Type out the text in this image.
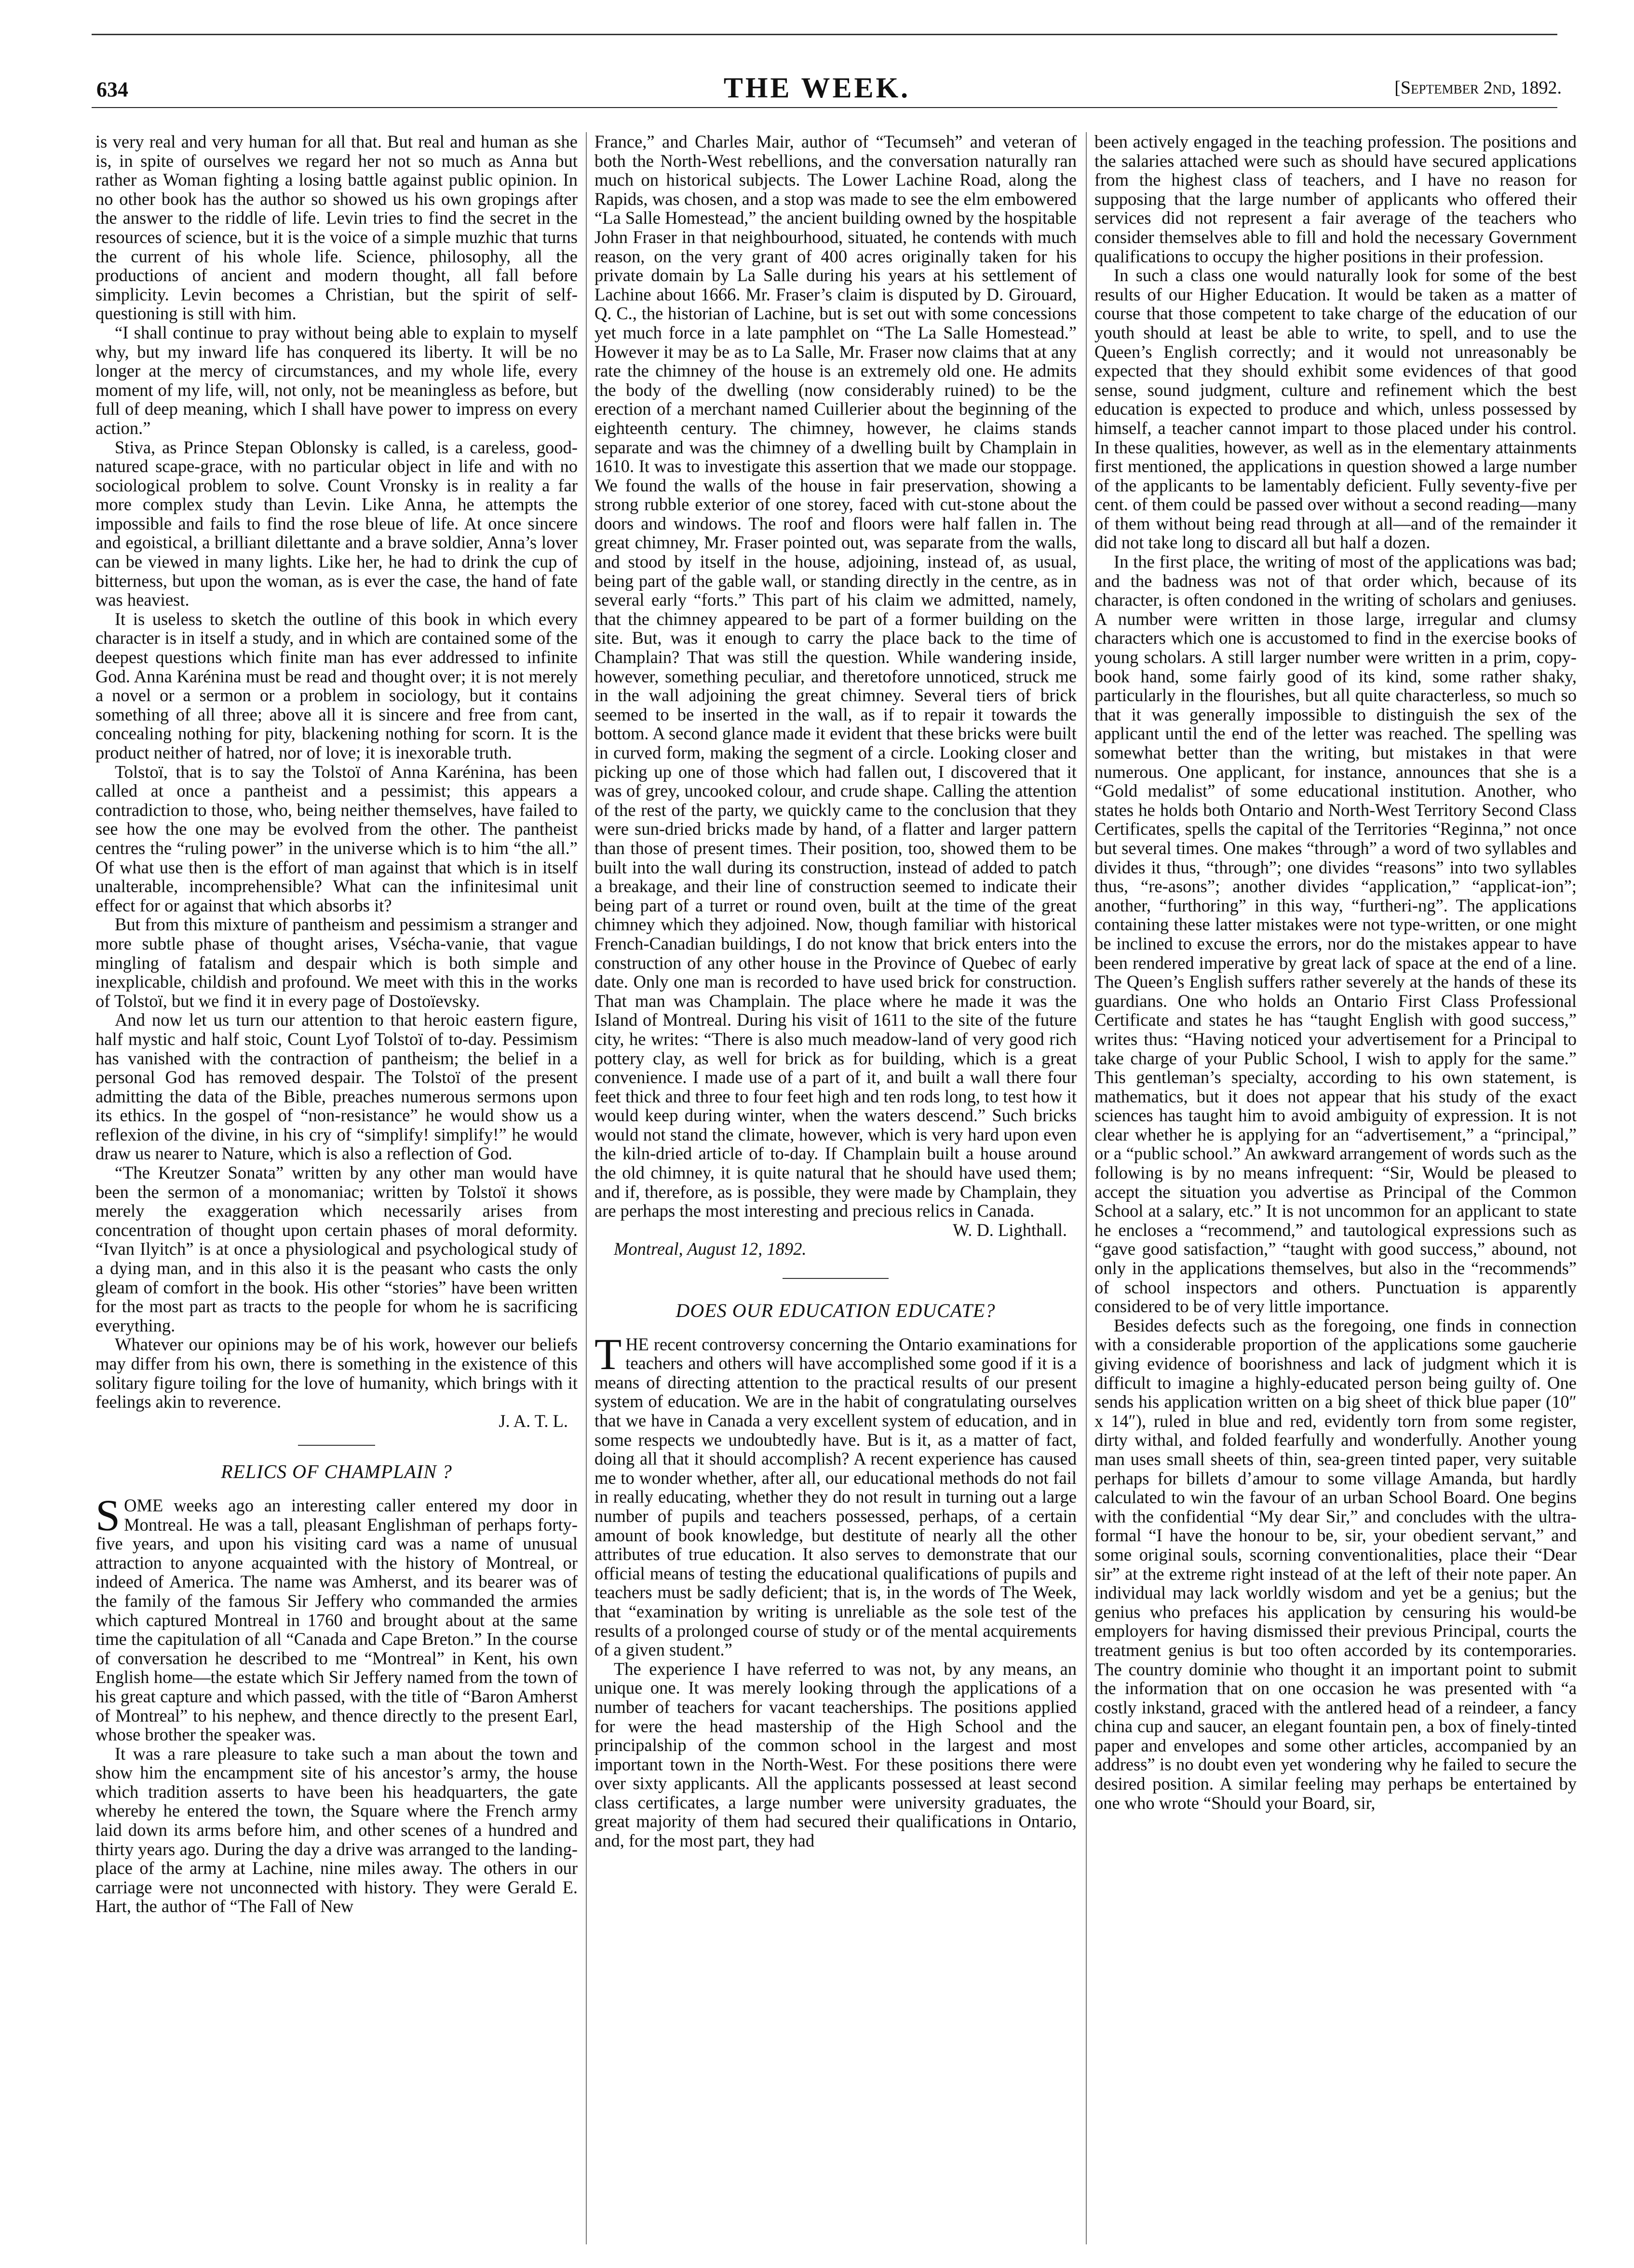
634	THE WEEK.	[September 2nd, 1892.

is very real and very human for all that. But real and human as she is, in spite of ourselves we regard her not so much as Anna but rather as Woman fighting a losing battle against public opinion. In no other book has the author so showed us his own gropings after the answer to the riddle of life. Levin tries to find the secret in the resources of science, but it is the voice of a simple muzhic that turns the current of his whole life. Science, philosophy, all the productions of ancient and modern thought, all fall before simplicity. Levin becomes a Christian, but the spirit of self-questioning is still with him.

“I shall continue to pray without being able to explain to myself why, but my inward life has conquered its liberty. It will be no longer at the mercy of circumstances, and my whole life, every moment of my life, will, not only, not be meaningless as before, but full of deep meaning, which I shall have power to impress on every action.”

Stiva, as Prince Stepan Oblonsky is called, is a careless, good-natured scape-grace, with no particular object in life and with no sociological problem to solve. Count Vronsky is in reality a far more complex study than Levin. Like Anna, he attempts the impossible and fails to find the rose bleue of life. At once sincere and egoistical, a brilliant dilettante and a brave soldier, Anna’s lover can be viewed in many lights. Like her, he had to drink the cup of bitterness, but upon the woman, as is ever the case, the hand of fate was heaviest.

It is useless to sketch the outline of this book in which every character is in itself a study, and in which are contained some of the deepest questions which finite man has ever addressed to infinite God. Anna Karénina must be read and thought over; it is not merely a novel or a sermon or a problem in sociology, but it contains something of all three; above all it is sincere and free from cant, concealing nothing for pity, blackening nothing for scorn. It is the product neither of hatred, nor of love; it is inexorable truth.

Tolstoï, that is to say the Tolstoï of Anna Karénina, has been called at once a pantheist and a pessimist; this appears a contradiction to those, who, being neither themselves, have failed to see how the one may be evolved from the other. The pantheist centres the “ruling power” in the universe which is to him “the all.” Of what use then is the effort of man against that which is in itself unalterable, incomprehensible? What can the infinitesimal unit effect for or against that which absorbs it?

But from this mixture of pantheism and pessimism a stranger and more subtle phase of thought arises, Vsécha-vanie, that vague mingling of fatalism and despair which is both simple and inexplicable, childish and profound. We meet with this in the works of Tolstoï, but we find it in every page of Dostoïevsky.

And now let us turn our attention to that heroic eastern figure, half mystic and half stoic, Count Lyof Tolstoï of to-day. Pessimism has vanished with the contraction of pantheism; the belief in a personal God has removed despair. The Tolstoï of the present admitting the data of the Bible, preaches numerous sermons upon its ethics. In the gospel of “non-resistance” he would show us a reflexion of the divine, in his cry of “simplify! simplify!” he would draw us nearer to Nature, which is also a reflection of God.

“The Kreutzer Sonata” written by any other man would have been the sermon of a monomaniac; written by Tolstoï it shows merely the exaggeration which necessarily arises from concentration of thought upon certain phases of moral deformity. “Ivan Ilyitch” is at once a physiological and psychological study of a dying man, and in this also it is the peasant who casts the only gleam of comfort in the book. His other “stories” have been written for the most part as tracts to the people for whom he is sacrificing everything.

Whatever our opinions may be of his work, however our beliefs may differ from his own, there is something in the existence of this solitary figure toiling for the love of humanity, which brings with it feelings akin to reverence.

J. A. T. L.

RELICS OF CHAMPLAIN ?

SOME weeks ago an interesting caller entered my door in Montreal. He was a tall, pleasant Englishman of perhaps forty-five years, and upon his visiting card was a name of unusual attraction to anyone acquainted with the history of Montreal, or indeed of America. The name was Amherst, and its bearer was of the family of the famous Sir Jeffery who commanded the armies which captured Montreal in 1760 and brought about at the same time the capitulation of all “Canada and Cape Breton.” In the course of conversation he described to me “Montreal” in Kent, his own English home—the estate which Sir Jeffery named from the town of his great capture and which passed, with the title of “Baron Amherst of Montreal” to his nephew, and thence directly to the present Earl, whose brother the speaker was.

It was a rare pleasure to take such a man about the town and show him the encampment site of his ancestor’s army, the house which tradition asserts to have been his headquarters, the gate whereby he entered the town, the Square where the French army laid down its arms before him, and other scenes of a hundred and thirty years ago. During the day a drive was arranged to the landing-place of the army at Lachine, nine miles away. The others in our carriage were not unconnected with history. They were Gerald E. Hart, the author of “The Fall of New

France,” and Charles Mair, author of “Tecumseh” and veteran of both the North-West rebellions, and the conversation naturally ran much on historical subjects. The Lower Lachine Road, along the Rapids, was chosen, and a stop was made to see the elm embowered “La Salle Homestead,” the ancient building owned by the hospitable John Fraser in that neighbourhood, situated, he contends with much reason, on the very grant of 400 acres originally taken for his private domain by La Salle during his years at his settlement of Lachine about 1666. Mr. Fraser’s claim is disputed by D. Girouard, Q. C., the historian of Lachine, but is set out with some concessions yet much force in a late pamphlet on “The La Salle Homestead.” However it may be as to La Salle, Mr. Fraser now claims that at any rate the chimney of the house is an extremely old one. He admits the body of the dwelling (now considerably ruined) to be the erection of a merchant named Cuillerier about the beginning of the eighteenth century. The chimney, however, he claims stands separate and was the chimney of a dwelling built by Champlain in 1610. It was to investigate this assertion that we made our stoppage. We found the walls of the house in fair preservation, showing a strong rubble exterior of one storey, faced with cut-stone about the doors and windows. The roof and floors were half fallen in. The great chimney, Mr. Fraser pointed out, was separate from the walls, and stood by itself in the house, adjoining, instead of, as usual, being part of the gable wall, or standing directly in the centre, as in several early “forts.” This part of his claim we admitted, namely, that the chimney appeared to be part of a former building on the site. But, was it enough to carry the place back to the time of Champlain? That was still the question. While wandering inside, however, something peculiar, and theretofore unnoticed, struck me in the wall adjoining the great chimney. Several tiers of brick seemed to be inserted in the wall, as if to repair it towards the bottom. A second glance made it evident that these bricks were built in curved form, making the segment of a circle. Looking closer and picking up one of those which had fallen out, I discovered that it was of grey, uncooked colour, and crude shape. Calling the attention of the rest of the party, we quickly came to the conclusion that they were sun-dried bricks made by hand, of a flatter and larger pattern than those of present times. Their position, too, showed them to be built into the wall during its construction, instead of added to patch a breakage, and their line of construction seemed to indicate their being part of a turret or round oven, built at the time of the great chimney which they adjoined. Now, though familiar with historical French-Canadian buildings, I do not know that brick enters into the construction of any other house in the Province of Quebec of early date. Only one man is recorded to have used brick for construction. That man was Champlain. The place where he made it was the Island of Montreal. During his visit of 1611 to the site of the future city, he writes: “There is also much meadow-land of very good rich pottery clay, as well for brick as for building, which is a great convenience. I made use of a part of it, and built a wall there four feet thick and three to four feet high and ten rods long, to test how it would keep during winter, when the waters descend.” Such bricks would not stand the climate, however, which is very hard upon even the kiln-dried article of to-day. If Champlain built a house around the old chimney, it is quite natural that he should have used them; and if, therefore, as is possible, they were made by Champlain, they are perhaps the most interesting and precious relics in Canada.

W. D. Lighthall.

Montreal, August 12, 1892.

DOES OUR EDUCATION EDUCATE?

THE recent controversy concerning the Ontario examinations for teachers and others will have accomplished some good if it is a means of directing attention to the practical results of our present system of education. We are in the habit of congratulating ourselves that we have in Canada a very excellent system of education, and in some respects we undoubtedly have. But is it, as a matter of fact, doing all that it should accomplish? A recent experience has caused me to wonder whether, after all, our educational methods do not fail in really educating, whether they do not result in turning out a large number of pupils and teachers possessed, perhaps, of a certain amount of book knowledge, but destitute of nearly all the other attributes of true education. It also serves to demonstrate that our official means of testing the educational qualifications of pupils and teachers must be sadly deficient; that is, in the words of The Week, that “examination by writing is unreliable as the sole test of the results of a prolonged course of study or of the mental acquirements of a given student.”

The experience I have referred to was not, by any means, an unique one. It was merely looking through the applications of a number of teachers for vacant teacherships. The positions applied for were the head mastership of the High School and the principalship of the common school in the largest and most important town in the North-West. For these positions there were over sixty applicants. All the applicants possessed at least second class certificates, a large number were university graduates, the great majority of them had secured their qualifications in Ontario, and, for the most part, they had

been actively engaged in the teaching profession. The positions and the salaries attached were such as should have secured applications from the highest class of teachers, and I have no reason for supposing that the large number of applicants who offered their services did not represent a fair average of the teachers who consider themselves able to fill and hold the necessary Government qualifications to occupy the higher positions in their profession.

In such a class one would naturally look for some of the best results of our Higher Education. It would be taken as a matter of course that those competent to take charge of the education of our youth should at least be able to write, to spell, and to use the Queen’s English correctly; and it would not unreasonably be expected that they should exhibit some evidences of that good sense, sound judgment, culture and refinement which the best education is expected to produce and which, unless possessed by himself, a teacher cannot impart to those placed under his control. In these qualities, however, as well as in the elementary attainments first mentioned, the applications in question showed a large number of the applicants to be lamentably deficient. Fully seventy-five per cent. of them could be passed over without a second reading—many of them without being read through at all—and of the remainder it did not take long to discard all but half a dozen.

In the first place, the writing of most of the applications was bad; and the badness was not of that order which, because of its character, is often condoned in the writing of scholars and geniuses. A number were written in those large, irregular and clumsy characters which one is accustomed to find in the exercise books of young scholars. A still larger number were written in a prim, copy-book hand, some fairly good of its kind, some rather shaky, particularly in the flourishes, but all quite characterless, so much so that it was generally impossible to distinguish the sex of the applicant until the end of the letter was reached. The spelling was somewhat better than the writing, but mistakes in that were numerous. One applicant, for instance, announces that she is a “Gold medalist” of some educational institution. Another, who states he holds both Ontario and North-West Territory Second Class Certificates, spells the capital of the Territories “Reginna,” not once but several times. One makes “through” a word of two syllables and divides it thus, “through”; one divides “reasons” into two syllables thus, “re-asons”; another divides “application,” “applicat-ion”; another, “furthoring” in this way, “furtheri-ng”. The applications containing these latter mistakes were not type-written, or one might be inclined to excuse the errors, nor do the mistakes appear to have been rendered imperative by great lack of space at the end of a line. The Queen’s English suffers rather severely at the hands of these its guardians. One who holds an Ontario First Class Professional Certificate and states he has “taught English with good success,” writes thus: “Having noticed your advertisement for a Principal to take charge of your Public School, I wish to apply for the same.” This gentleman’s specialty, according to his own statement, is mathematics, but it does not appear that his study of the exact sciences has taught him to avoid ambiguity of expression. It is not clear whether he is applying for an “advertisement,” a “principal,” or a “public school.” An awkward arrangement of words such as the following is by no means infrequent: “Sir, Would be pleased to accept the situation you advertise as Principal of the Common School at a salary, etc.” It is not uncommon for an applicant to state he encloses a “recommend,” and tautological expressions such as “gave good satisfaction,” “taught with good success,” abound, not only in the applications themselves, but also in the “recommends” of school inspectors and others. Punctuation is apparently considered to be of very little importance.

Besides defects such as the foregoing, one finds in connection with a considerable proportion of the applications some gaucherie giving evidence of boorishness and lack of judgment which it is difficult to imagine a highly-educated person being guilty of. One sends his application written on a big sheet of thick blue paper (10″ x 14″), ruled in blue and red, evidently torn from some register, dirty withal, and folded fearfully and wonderfully. Another young man uses small sheets of thin, sea-green tinted paper, very suitable perhaps for billets d’amour to some village Amanda, but hardly calculated to win the favour of an urban School Board. One begins with the confidential “My dear Sir,” and concludes with the ultra-formal “I have the honour to be, sir, your obedient servant,” and some original souls, scorning conventionalities, place their “Dear sir” at the extreme right instead of at the left of their note paper. An individual may lack worldly wisdom and yet be a genius; but the genius who prefaces his application by censuring his would-be employers for having dismissed their previous Principal, courts the treatment genius is but too often accorded by its contemporaries. The country dominie who thought it an important point to submit the information that on one occasion he was presented with “a costly inkstand, graced with the antlered head of a reindeer, a fancy china cup and saucer, an elegant fountain pen, a box of finely-tinted paper and envelopes and some other articles, accompanied by an address” is no doubt even yet wondering why he failed to secure the desired position. A similar feeling may perhaps be entertained by one who wrote “Should your Board, sir,
